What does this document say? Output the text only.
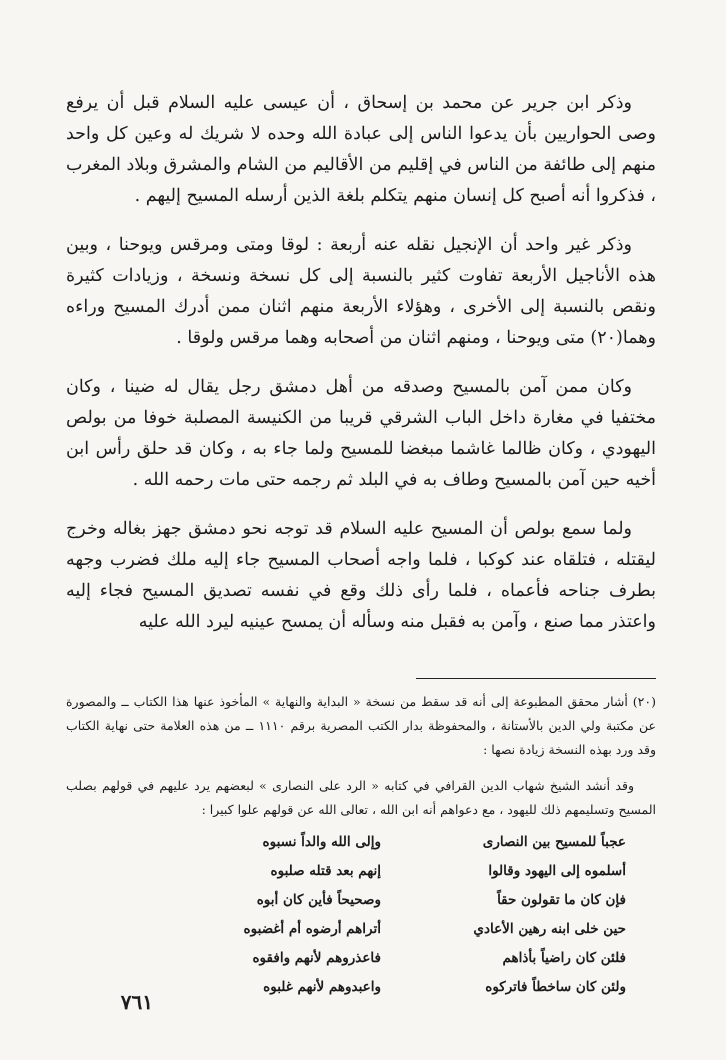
وذكر ابن جرير عن محمد بن إسحاق ، أن عيسى عليه السلام قبل أن يرفع وصى الحواريين بأن يدعوا الناس إلى عبادة الله وحده لا شريك له وعين كل واحد منهم إلى طائفة من الناس في إقليم من الأقاليم من الشام والمشرق وبلاد المغرب ، فذكروا أنه أصبح كل إنسان منهم يتكلم بلغة الذين أرسله المسيح إليهم .

وذكر غير واحد أن الإنجيل نقله عنه أربعة : لوقا ومتى ومرقس ويوحنا ، وبين هذه الأناجيل الأربعة تفاوت كثير بالنسبة إلى كل نسخة ونسخة ، وزيادات كثيرة ونقص بالنسبة إلى الأخرى ، وهؤلاء الأربعة منهم اثنان ممن أدرك المسيح وراءه وهما(٢٠) متى ويوحنا ، ومنهم اثنان من أصحابه وهما مرقس ولوقا .

وكان ممن آمن بالمسيح وصدقه من أهل دمشق رجل يقال له ضينا ، وكان مختفيا في مغارة داخل الباب الشرقي قريبا من الكنيسة المصلبة خوفا من بولص اليهودي ، وكان ظالما غاشما مبغضا للمسيح ولما جاء به ، وكان قد حلق رأس ابن أخيه حين آمن بالمسيح وطاف به في البلد ثم رجمه حتى مات رحمه الله .

ولما سمع بولص أن المسيح عليه السلام قد توجه نحو دمشق جهز بغاله وخرج ليقتله ، فتلقاه عند كوكبا ، فلما واجه أصحاب المسيح جاء إليه ملك فضرب وجهه بطرف جناحه فأعماه ، فلما رأى ذلك وقع في نفسه تصديق المسيح فجاء إليه واعتذر مما صنع ، وآمن به فقبل منه وسأله أن يمسح عينيه ليرد الله عليه

(٢٠) أشار محقق المطبوعة إلى أنه قد سقط من نسخة « البداية والنهاية » المأخوذ عنها هذا الكتاب ــ والمصورة عن مكتبة ولي الدين بالأستانة ، والمحفوظة بدار الكتب المصرية برقم ١١١٠ ــ من هذه العلامة حتى نهاية الكتاب وقد ورد بهذه النسخة زيادة نصها :

وقد أنشد الشيخ شهاب الدين القرافي في كتابه « الرد على النصارى » لبعضهم يرد عليهم في قولهم بصلب المسيح وتسليمهم ذلك لليهود ، مع دعواهم أنه ابن الله ، تعالى الله عن قولهم علوا كبيرا :

عجباً للمسيح بين النصارى
وإلى الله والداً نسبوه
أسلموه إلى اليهود وقالوا
إنهم بعد قتله صلبوه
فإن كان ما تقولون حقاً
وصحيحاً فأين كان أبوه
حين خلى ابنه رهين الأعادي
أتراهم أرضوه أم أغضبوه
فلئن كان راضياً بأذاهم
فاعذروهم لأنهم وافقوه
ولئن كان ساخطاً فاتركوه
واعبدوهم لأنهم غلبوه
٧٦١
